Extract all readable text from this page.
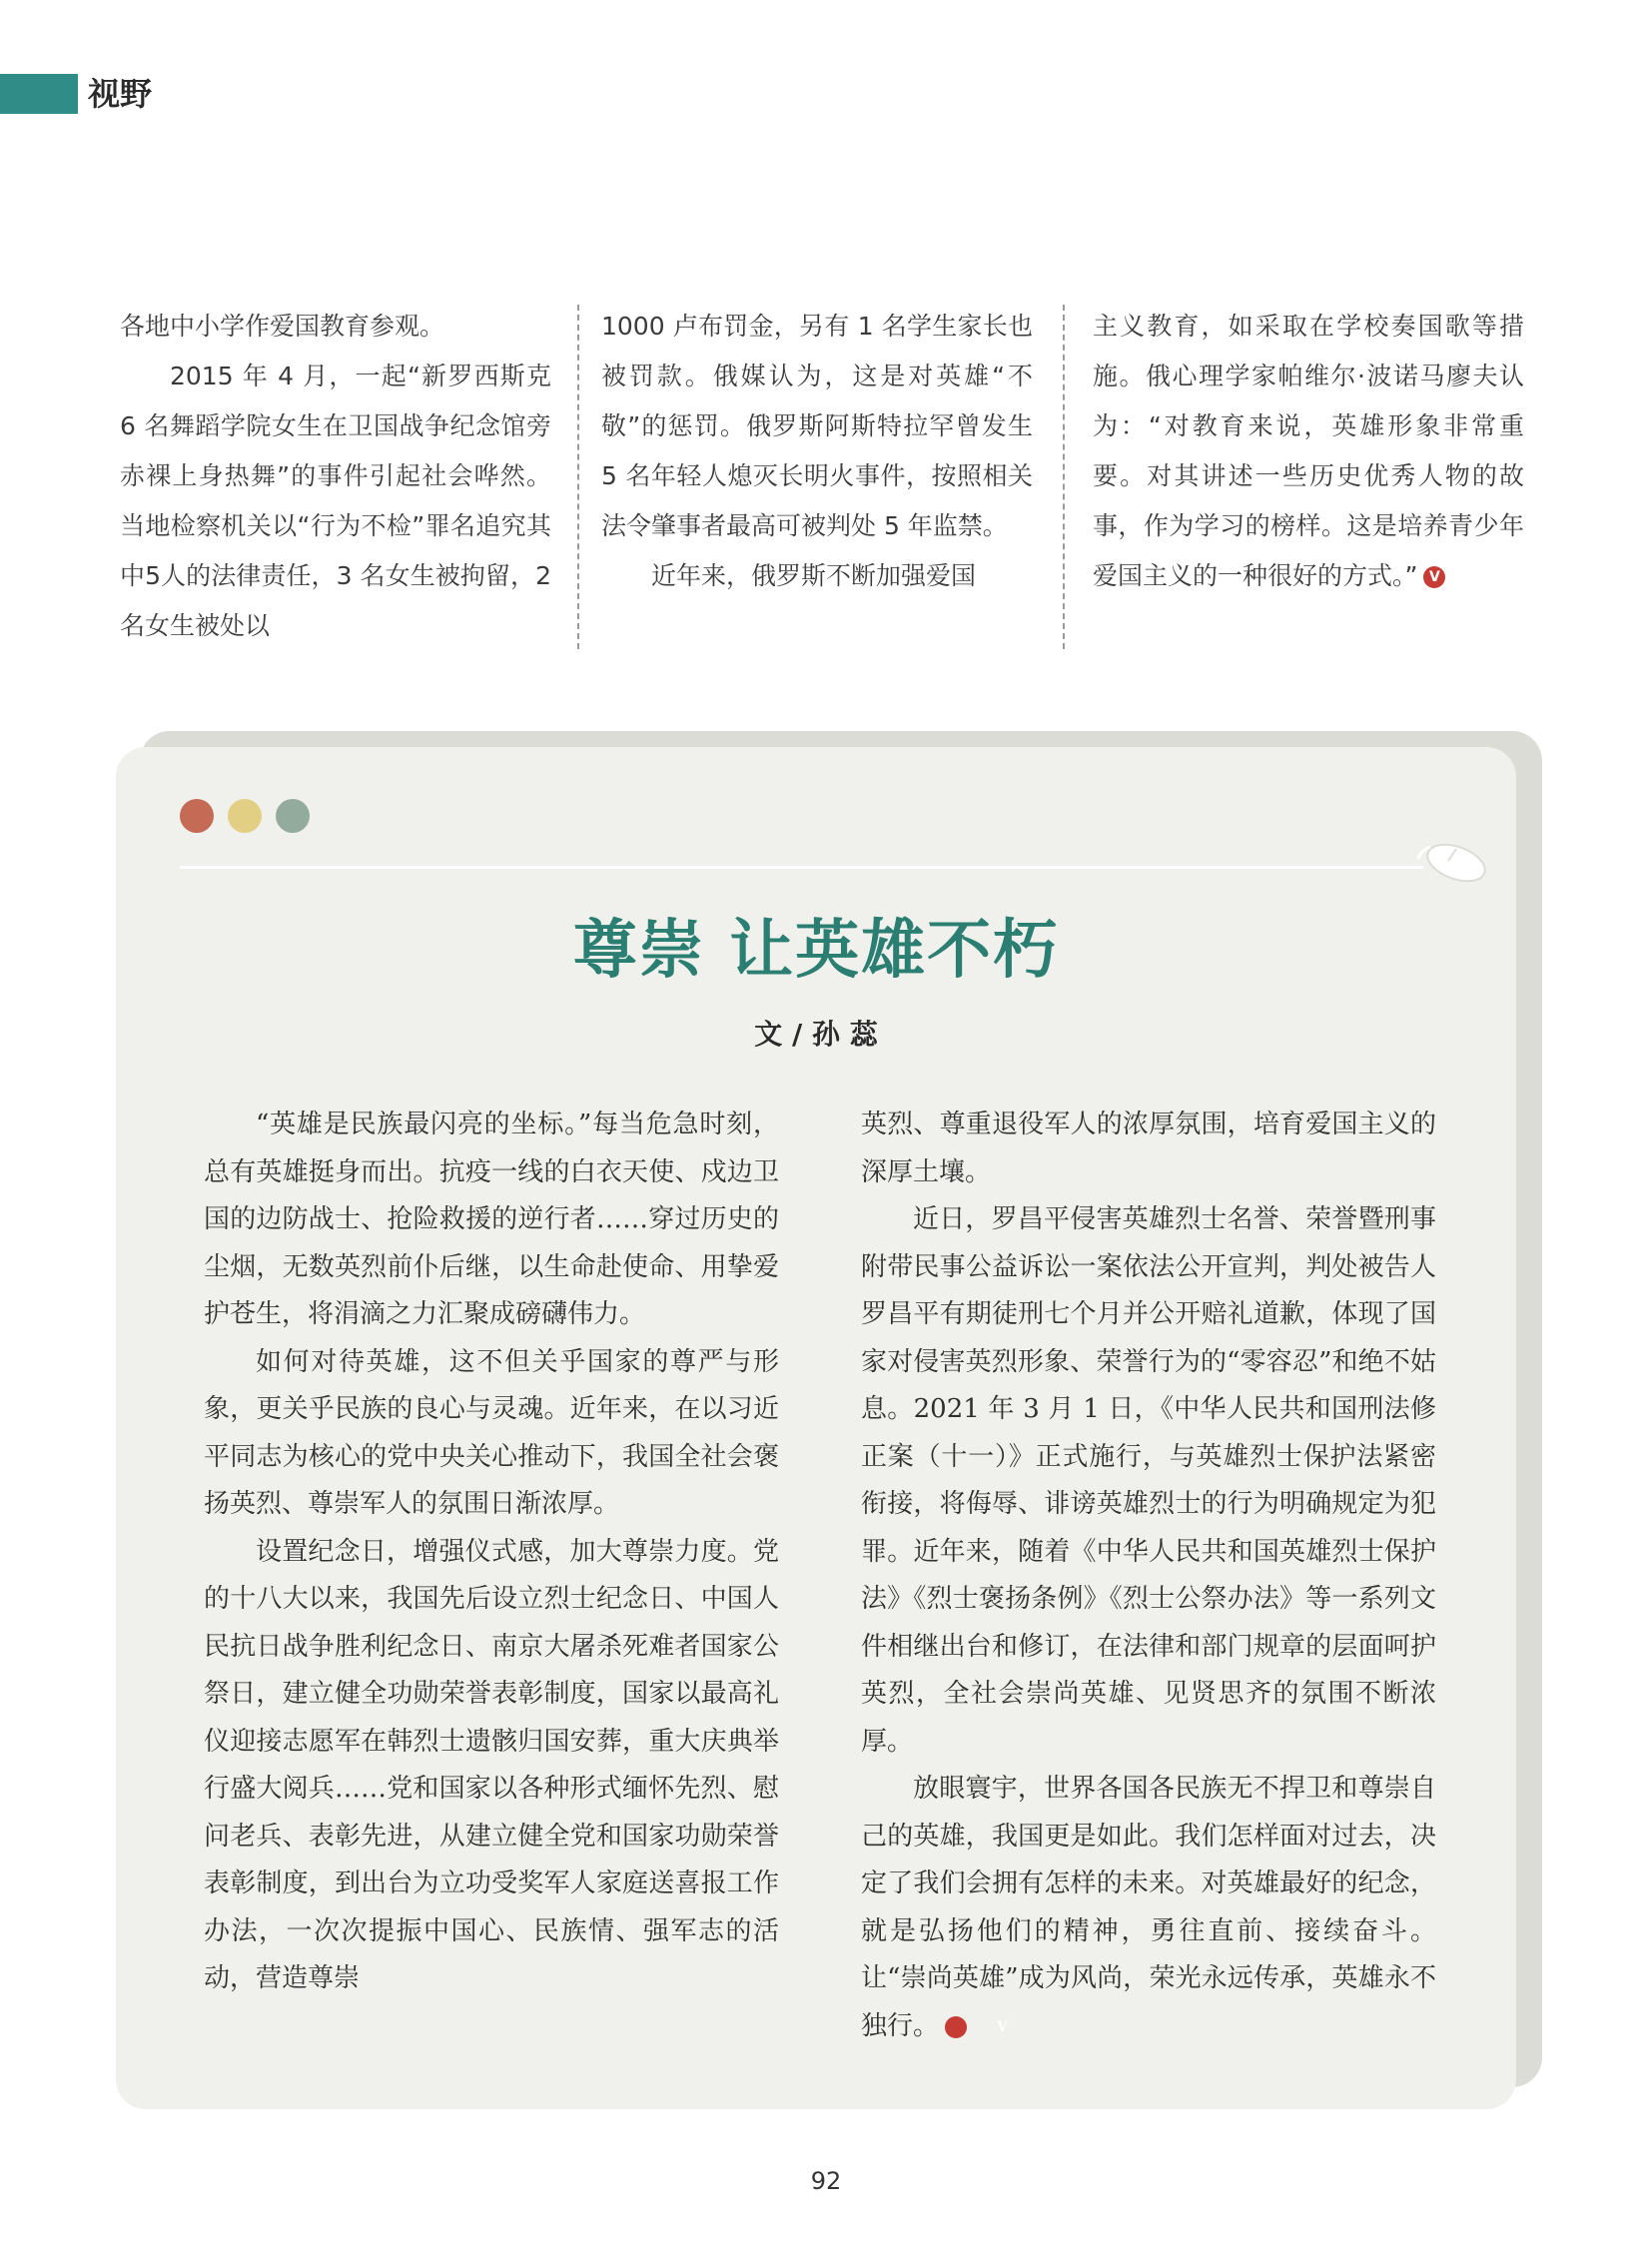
视野

各地中小学作爱国教育参观。

2015 年 4 月，一起“新罗西斯克 6 名舞蹈学院女生在卫国战争纪念馆旁赤裸上身热舞”的事件引起社会哗然。当地检察机关以“行为不检”罪名追究其中5人的法律责任，3 名女生被拘留，2 名女生被处以

1000 卢布罚金，另有 1 名学生家长也被罚款。俄媒认为，这是对英雄“不敬”的惩罚。俄罗斯阿斯特拉罕曾发生 5 名年轻人熄灭长明火事件，按照相关法令肇事者最高可被判处 5 年监禁。

近年来，俄罗斯不断加强爱国

主义教育，如采取在学校奏国歌等措施。俄心理学家帕维尔·波诺马廖夫认为：“对教育来说，英雄形象非常重要。对其讲述一些历史优秀人物的故事，作为学习的榜样。这是培养青少年爱国主义的一种很好的方式。” V

尊崇 让英雄不朽
文 / 孙 蕊

“英雄是民族最闪亮的坐标。”每当危急时刻，总有英雄挺身而出。抗疫一线的白衣天使、戍边卫国的边防战士、抢险救援的逆行者……穿过历史的尘烟，无数英烈前仆后继，以生命赴使命、用挚爱护苍生，将涓滴之力汇聚成磅礴伟力。

如何对待英雄，这不但关乎国家的尊严与形象，更关乎民族的良心与灵魂。近年来，在以习近平同志为核心的党中央关心推动下，我国全社会褒扬英烈、尊崇军人的氛围日渐浓厚。

设置纪念日，增强仪式感，加大尊崇力度。党的十八大以来，我国先后设立烈士纪念日、中国人民抗日战争胜利纪念日、南京大屠杀死难者国家公祭日，建立健全功勋荣誉表彰制度，国家以最高礼仪迎接志愿军在韩烈士遗骸归国安葬，重大庆典举行盛大阅兵……党和国家以各种形式缅怀先烈、慰问老兵、表彰先进，从建立健全党和国家功勋荣誉表彰制度，到出台为立功受奖军人家庭送喜报工作办法，一次次提振中国心、民族情、强军志的活动，营造尊崇

英烈、尊重退役军人的浓厚氛围，培育爱国主义的深厚土壤。

近日，罗昌平侵害英雄烈士名誉、荣誉暨刑事附带民事公益诉讼一案依法公开宣判，判处被告人罗昌平有期徒刑七个月并公开赔礼道歉，体现了国家对侵害英烈形象、荣誉行为的“零容忍”和绝不姑息。2021 年 3 月 1 日，《中华人民共和国刑法修正案（十一）》正式施行，与英雄烈士保护法紧密衔接，将侮辱、诽谤英雄烈士的行为明确规定为犯罪。近年来，随着《中华人民共和国英雄烈士保护法》《烈士褒扬条例》《烈士公祭办法》等一系列文件相继出台和修订，在法律和部门规章的层面呵护英烈，全社会崇尚英雄、见贤思齐的氛围不断浓厚。

放眼寰宇，世界各国各民族无不捍卫和尊崇自己的英雄，我国更是如此。我们怎样面对过去，决定了我们会拥有怎样的未来。对英雄最好的纪念，就是弘扬他们的精神，勇往直前、接续奋斗。让“崇尚英雄”成为风尚，荣光永远传承，英雄永不独行。	V

92
